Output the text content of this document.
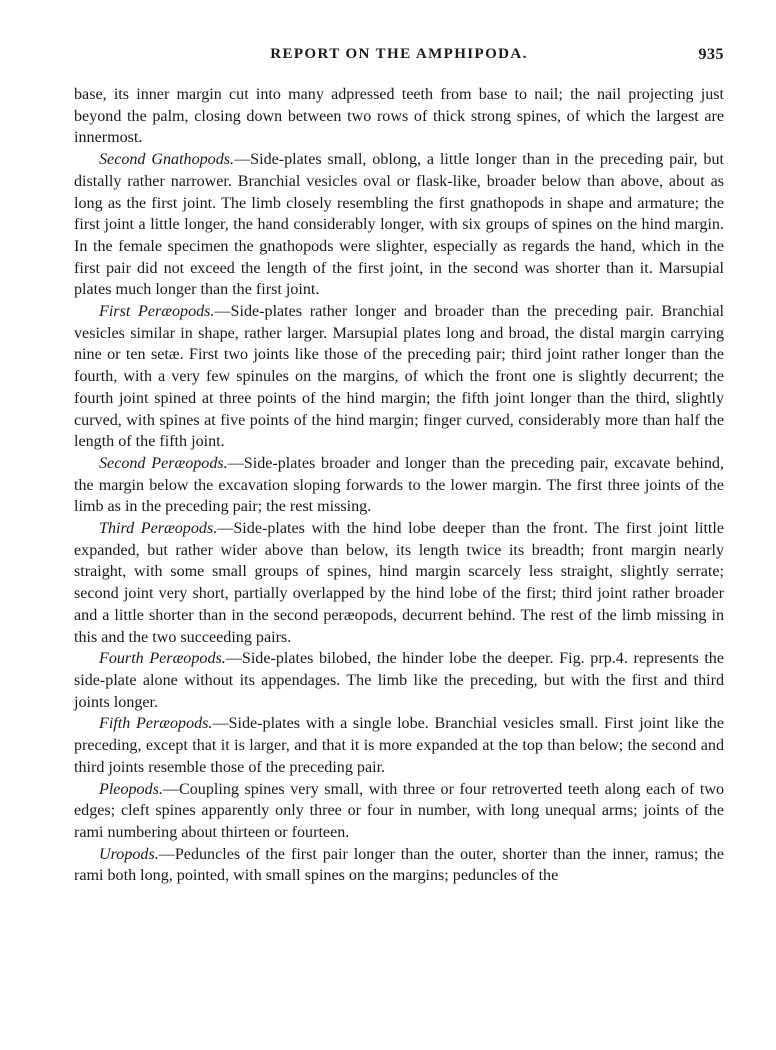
REPORT ON THE AMPHIPODA.	935

base, its inner margin cut into many adpressed teeth from base to nail; the nail projecting just beyond the palm, closing down between two rows of thick strong spines, of which the largest are innermost.

Second Gnathopods.—Side-plates small, oblong, a little longer than in the preceding pair, but distally rather narrower. Branchial vesicles oval or flask-like, broader below than above, about as long as the first joint. The limb closely resembling the first gnathopods in shape and armature; the first joint a little longer, the hand considerably longer, with six groups of spines on the hind margin. In the female specimen the gnathopods were slighter, especially as regards the hand, which in the first pair did not exceed the length of the first joint, in the second was shorter than it. Marsupial plates much longer than the first joint.

First Peræopods.—Side-plates rather longer and broader than the preceding pair. Branchial vesicles similar in shape, rather larger. Marsupial plates long and broad, the distal margin carrying nine or ten setæ. First two joints like those of the preceding pair; third joint rather longer than the fourth, with a very few spinules on the margins, of which the front one is slightly decurrent; the fourth joint spined at three points of the hind margin; the fifth joint longer than the third, slightly curved, with spines at five points of the hind margin; finger curved, considerably more than half the length of the fifth joint.

Second Peræopods.—Side-plates broader and longer than the preceding pair, excavate behind, the margin below the excavation sloping forwards to the lower margin. The first three joints of the limb as in the preceding pair; the rest missing.

Third Peræopods.—Side-plates with the hind lobe deeper than the front. The first joint little expanded, but rather wider above than below, its length twice its breadth; front margin nearly straight, with some small groups of spines, hind margin scarcely less straight, slightly serrate; second joint very short, partially overlapped by the hind lobe of the first; third joint rather broader and a little shorter than in the second peræopods, decurrent behind. The rest of the limb missing in this and the two succeeding pairs.

Fourth Peræopods.—Side-plates bilobed, the hinder lobe the deeper. Fig. prp.4. represents the side-plate alone without its appendages. The limb like the preceding, but with the first and third joints longer.

Fifth Peræopods.—Side-plates with a single lobe. Branchial vesicles small. First joint like the preceding, except that it is larger, and that it is more expanded at the top than below; the second and third joints resemble those of the preceding pair.

Pleopods.—Coupling spines very small, with three or four retroverted teeth along each of two edges; cleft spines apparently only three or four in number, with long unequal arms; joints of the rami numbering about thirteen or fourteen.

Uropods.—Peduncles of the first pair longer than the outer, shorter than the inner, ramus; the rami both long, pointed, with small spines on the margins; peduncles of the
